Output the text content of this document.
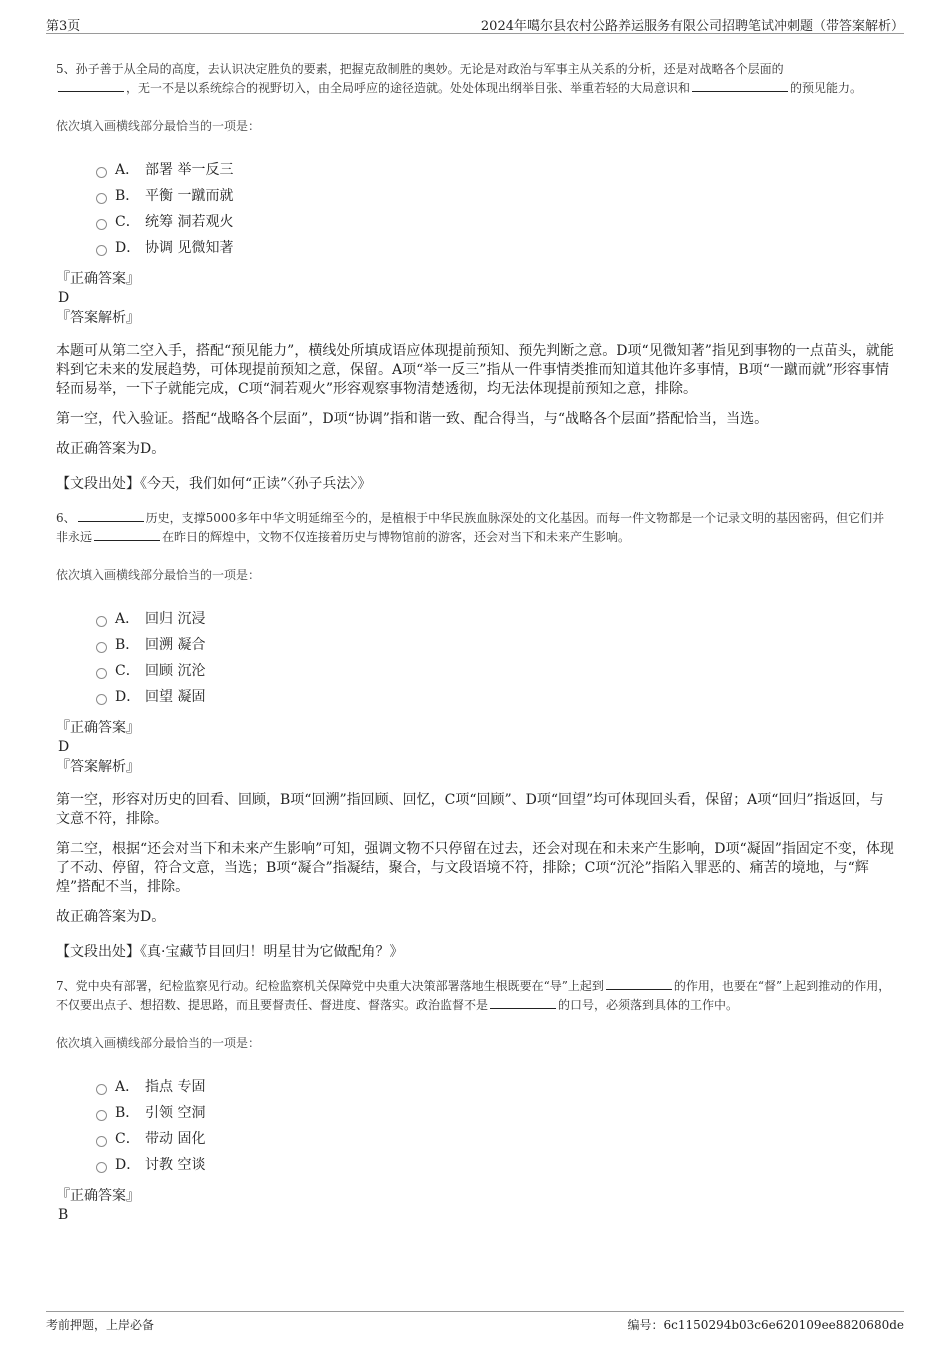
第3页	2024年噶尔县农村公路养运服务有限公司招聘笔试冲刺题（带答案解析）

5、孙子善于从全局的高度，去认识决定胜负的要素，把握克敌制胜的奥妙。无论是对政治与军事主从关系的分析，还是对战略各个层面的
，无一不是以系统综合的视野切入，由全局呼应的途径造就。处处体现出纲举目张、举重若轻的大局意识和	的预见能力。

依次填入画横线部分最恰当的一项是：

A． 部署 举一反三
B． 平衡 一蹴而就
C． 统筹 洞若观火
D． 协调 见微知著

『正确答案』

D

『答案解析』

本题可从第二空入手，搭配“预见能力”，横线处所填成语应体现提前预知、预先判断之意。D项“见微知著”指见到事物的一点苗头，就能料到它未来的发展趋势，可体现提前预知之意，保留。A项“举一反三”指从一件事情类推而知道其他许多事情，B项“一蹴而就”形容事情轻而易举，一下子就能完成，C项“洞若观火”形容观察事物清楚透彻，均无法体现提前预知之意，排除。

第一空，代入验证。搭配“战略各个层面”，D项“协调”指和谐一致、配合得当，与“战略各个层面”搭配恰当，当选。

故正确答案为D。

【文段出处】《今天，我们如何“正读”〈孙子兵法〉》

6、	历史，支撑5000多年中华文明延绵至今的，是植根于中华民族血脉深处的文化基因。而每一件文物都是一个记录文明的基因密码，但它们并非永远	在昨日的辉煌中，文物不仅连接着历史与博物馆前的游客，还会对当下和未来产生影响。

依次填入画横线部分最恰当的一项是：

A． 回归 沉浸
B． 回溯 凝合
C． 回顾 沉沦
D． 回望 凝固

『正确答案』

D

『答案解析』

第一空，形容对历史的回看、回顾，B项“回溯”指回顾、回忆，C项“回顾”、D项“回望”均可体现回头看，保留；A项“回归”指返回，与文意不符，排除。

第二空，根据“还会对当下和未来产生影响”可知，强调文物不只停留在过去，还会对现在和未来产生影响，D项“凝固”指固定不变，体现了不动、停留，符合文意，当选；B项“凝合”指凝结，聚合，与文段语境不符，排除；C项“沉沦”指陷入罪恶的、痛苦的境地，与“辉煌”搭配不当，排除。

故正确答案为D。

【文段出处】《真·宝藏节目回归！明星甘为它做配角？》

7、党中央有部署，纪检监察见行动。纪检监察机关保障党中央重大决策部署落地生根既要在“导”上起到	的作用，也要在“督”上起到推动的作用，不仅要出点子、想招数、提思路，而且要督责任、督进度、督落实。政治监督不是	的口号，必须落到具体的工作中。

依次填入画横线部分最恰当的一项是：

A． 指点 专固
B． 引领 空洞
C． 带动 固化
D． 讨教 空谈

『正确答案』

B

考前押题，上岸必备	编号：6c1150294b03c6e620109ee8820680de
